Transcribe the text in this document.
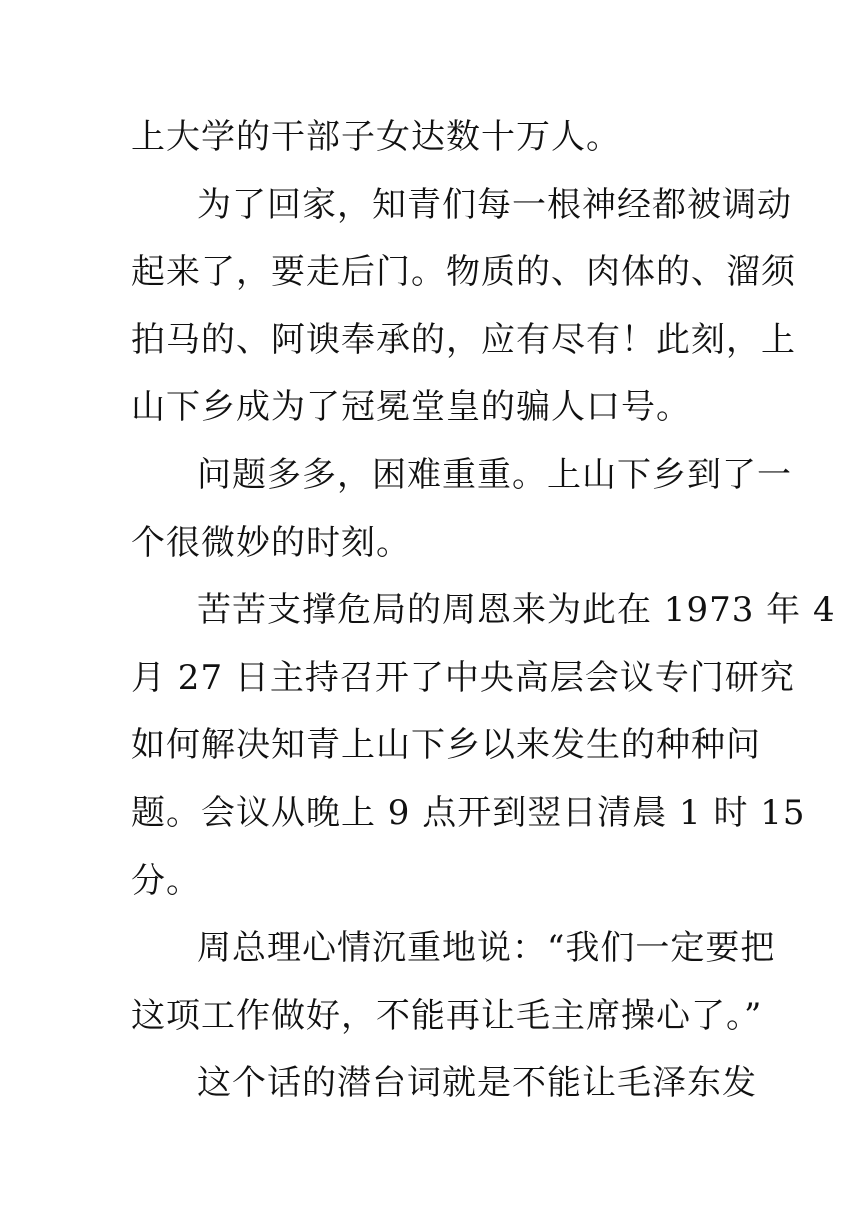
上大学的干部子女达数十万人。
为了回家，知青们每一根神经都被调动
起来了，要走后门。物质的、肉体的、溜须
拍马的、阿谀奉承的，应有尽有！此刻，上
山下乡成为了冠冕堂皇的骗人口号。
问题多多，困难重重。上山下乡到了一
个很微妙的时刻。
苦苦支撑危局的周恩来为此在 1973 年 4
月 27 日主持召开了中央高层会议专门研究
如何解决知青上山下乡以来发生的种种问
题。会议从晚上 9 点开到翌日清晨 1 时 15
分。
周总理心情沉重地说：“我们一定要把
这项工作做好，不能再让毛主席操心了。”
这个话的潜台词就是不能让毛泽东发
